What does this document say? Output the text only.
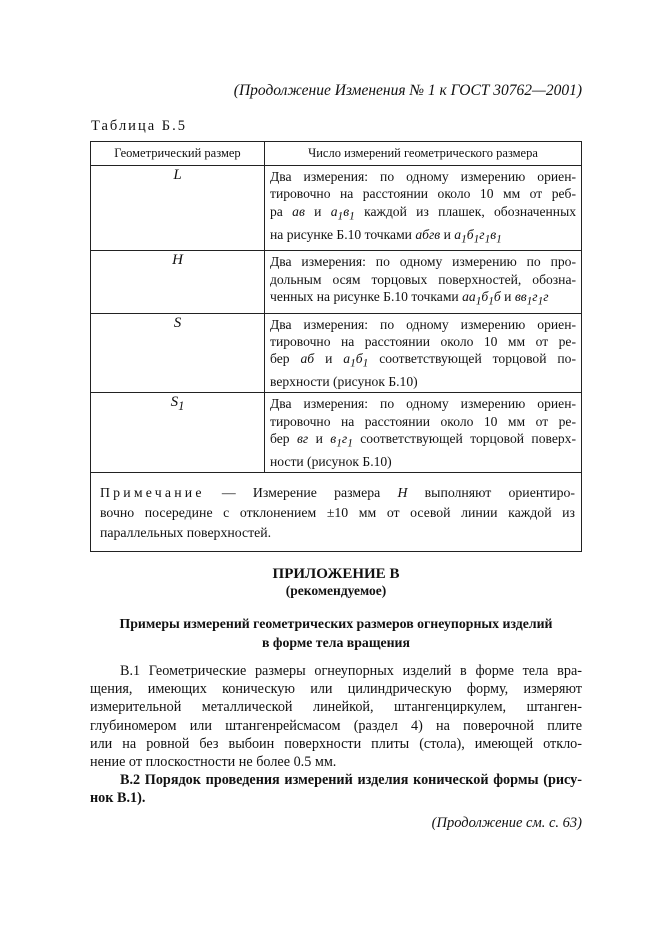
(Продолжение Изменения № 1 к ГОСТ 30762—2001)
Таблица Б.5
Геометрический размер	Число измерений геометрического размера
L	Два измерения: по одному измерению ориен-
тировочно на расстоянии около 10 мм от реб-
ра ав и $a_1в_1$ каждой из плашек, обозначенных
на рисунке Б.10 точками абгв и $а_1б_1г_1в_1$

H	Два измерения: по одному измерению по про-
дольным осям торцовых поверхностей, обозна-
ченных на рисунке Б.10 точками $аа_1б_1б$ и $вв_1г_1г$

S	Два измерения: по одному измерению ориен-
тировочно на расстоянии около 10 мм от ре-
бер аб и $а_1б_1$ соответствующей торцовой по-
верхности (рисунок Б.10)

$S_1$	Два измерения: по одному измерению ориен-
тировочно на расстоянии около 10 мм от ре-
бер вг и $в_1г_1$ соответствующей торцовой поверх-
ности (рисунок Б.10)

Примечание — Измерение размера H выполняют ориентиро-
вочно посередине с отклонением ±10 мм от осевой линии каждой из
параллельных поверхностей.	
ПРИЛОЖЕНИЕ В
(рекомендуемое)
Примеры измерений геометрических размеров огнеупорных изделий
в форме тела вращения
В.1 Геометрические размеры огнеупорных изделий в форме тела вра-
щения, имеющих коническую или цилиндрическую форму, измеряют
измерительной металлической линейкой, штангенциркулем, штанген-
глубиномером или штангенрейсмасом (раздел 4) на поверочной плите
или на ровной без выбоин поверхности плиты (стола), имеющей откло-
нение от плоскостности не более 0.5 мм.
В.2 Порядок проведения измерений изделия конической формы (рису-
нок В.1).
(Продолжение см. с. 63)
